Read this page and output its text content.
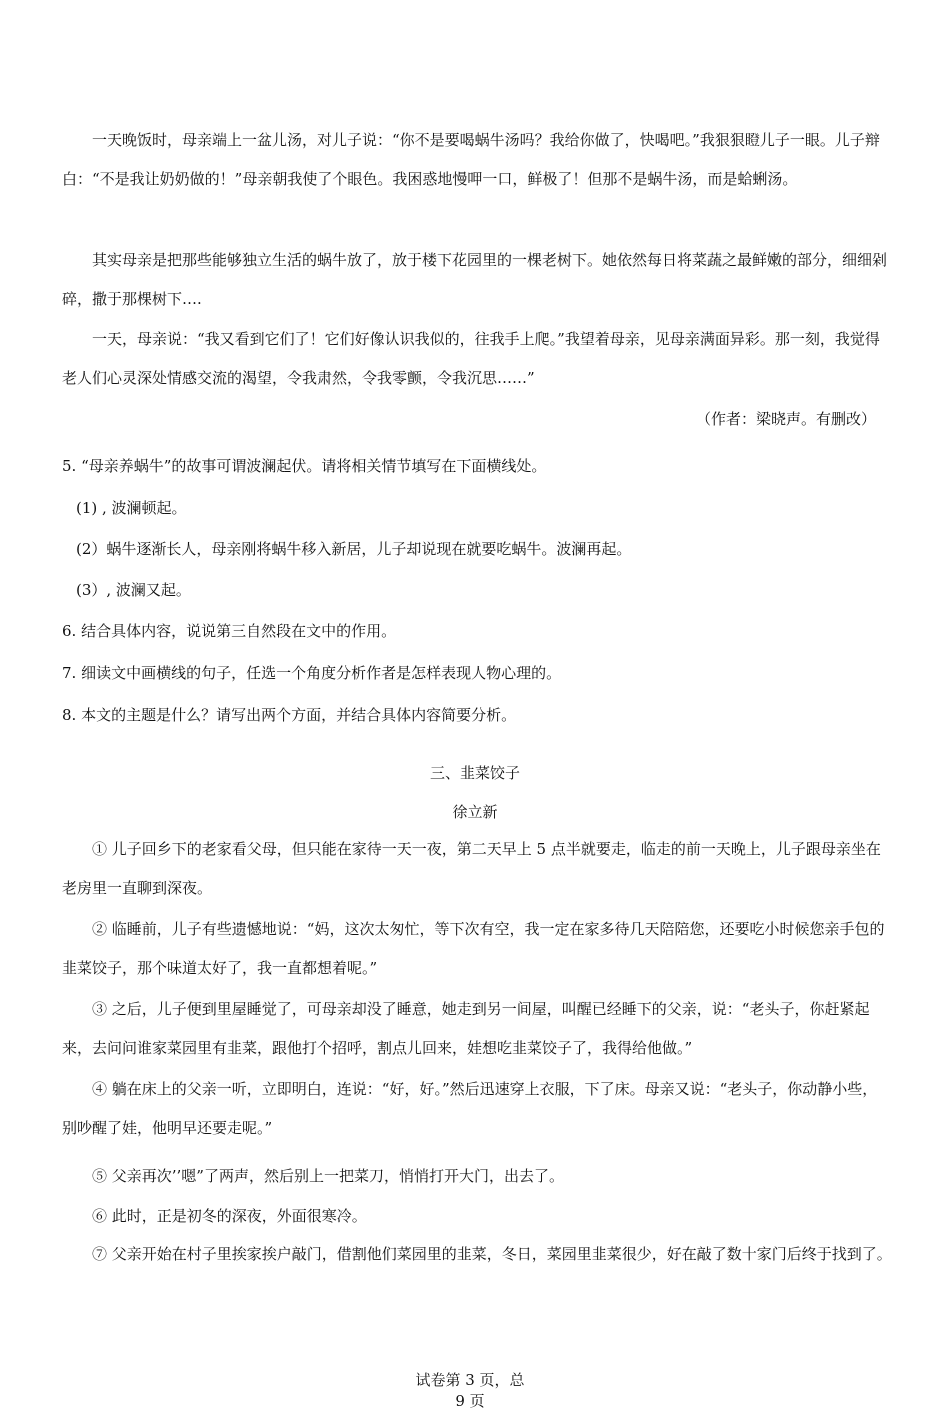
一天晚饭时，母亲端上一盆儿汤，对儿子说：“你不是要喝蜗牛汤吗？我给你做了，快喝吧。”我狠狠瞪儿子一眼。儿子辩白：“不是我让奶奶做的！”母亲朝我使了个眼色。我困惑地慢呷一口，鲜极了！但那不是蜗牛汤，而是蛤蜊汤。

其实母亲是把那些能够独立生活的蜗牛放了，放于楼下花园里的一棵老树下。她依然每日将菜蔬之最鲜嫩的部分，细细剁碎，撒于那棵树下….

一天，母亲说：“我又看到它们了！它们好像认识我似的，往我手上爬。”我望着母亲，见母亲满面异彩。那一刻，我觉得老人们心灵深处情感交流的渴望，令我肃然，令我零颤，令我沉思……”

（作者：梁晓声。有删改）
5. “母亲养蜗牛”的故事可谓波澜起伏。请将相关情节填写在下面横线处。
(1) , 波澜顿起。
(2）蜗牛逐渐长人，母亲刚将蜗牛移入新居，儿子却说现在就要吃蜗牛。波澜再起。
(3）, 波澜又起。
6. 结合具体内容，说说第三自然段在文中的作用。
7. 细读文中画横线的句子，任选一个角度分析作者是怎样表现人物心理的。
8. 本文的主题是什么？请写出两个方面，并结合具体内容简要分析。
三、韭菜饺子
徐立新

① 儿子回乡下的老家看父母，但只能在家待一天一夜，第二天早上 5 点半就要走，临走的前一天晚上，儿子跟母亲坐在老房里一直聊到深夜。

② 临睡前，儿子有些遗憾地说：“妈，这次太匆忙，等下次有空，我一定在家多待几天陪陪您，还要吃小时候您亲手包的韭菜饺子，那个味道太好了，我一直都想着呢。”

③ 之后，儿子便到里屋睡觉了，可母亲却没了睡意，她走到另一间屋，叫醒已经睡下的父亲，说：“老头子，你赶紧起来，去问问谁家菜园里有韭菜，跟他打个招呼，割点儿回来，娃想吃韭菜饺子了，我得给他做。”

④ 躺在床上的父亲一听，立即明白，连说：“好，好。”然后迅速穿上衣服，下了床。母亲又说：“老头子，你动静小些，别吵醒了娃，他明早还要走呢。”

⑤ 父亲再次’’嗯”了两声，然后别上一把菜刀，悄悄打开大门，出去了。

⑥ 此时，正是初冬的深夜，外面很寒冷。

⑦ 父亲开始在村子里挨家挨户敲门，借割他们菜园里的韭菜，冬日，菜园里韭菜很少，好在敲了数十家门后终于找到了。

试卷第 3 页，总
9 页
